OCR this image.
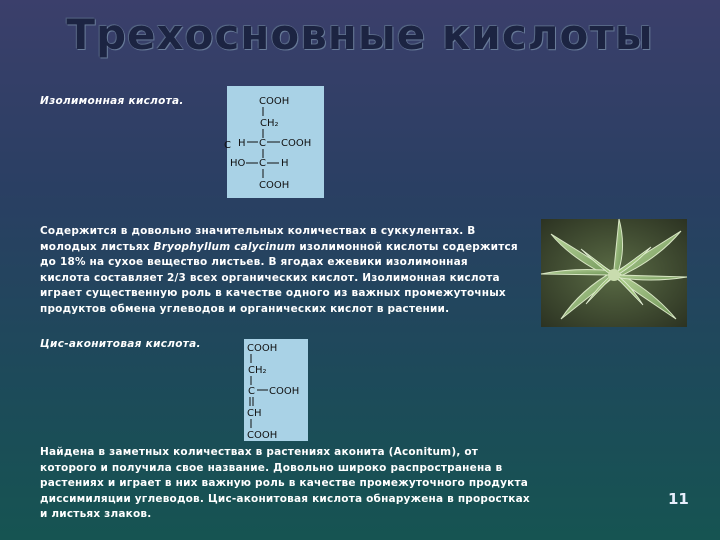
Трехосновные кислоты
Изолимонная кислота.	COOH
CH₂
C H C COOH
HO C H
COOH

Содержится в довольно значительных количествах в суккулентах. В молодых листьях Bryophyllum calycinum изолимонной кислоты содержится до 18% на сухое вещество листьев. В ягодах ежевики изолимонная кислота составляет 2/3 всех органических кислот. Изолимонная кислота играет существенную роль в качестве одного из важных промежуточных продуктов обмена углеводов и органических кислот в растении.

Цис-аконитовая кислота.	COOH
CH₂
C COOH
CH
COOH

Найдена в заметных количествах в растениях аконита (Aconitum), от которого и получила свое название. Довольно широко распространена в растениях и играет в них важную роль в качестве промежуточного продукта диссимиляции углеводов. Цис-аконитовая кислота обнаружена в проростках и листьях злаков.

11
